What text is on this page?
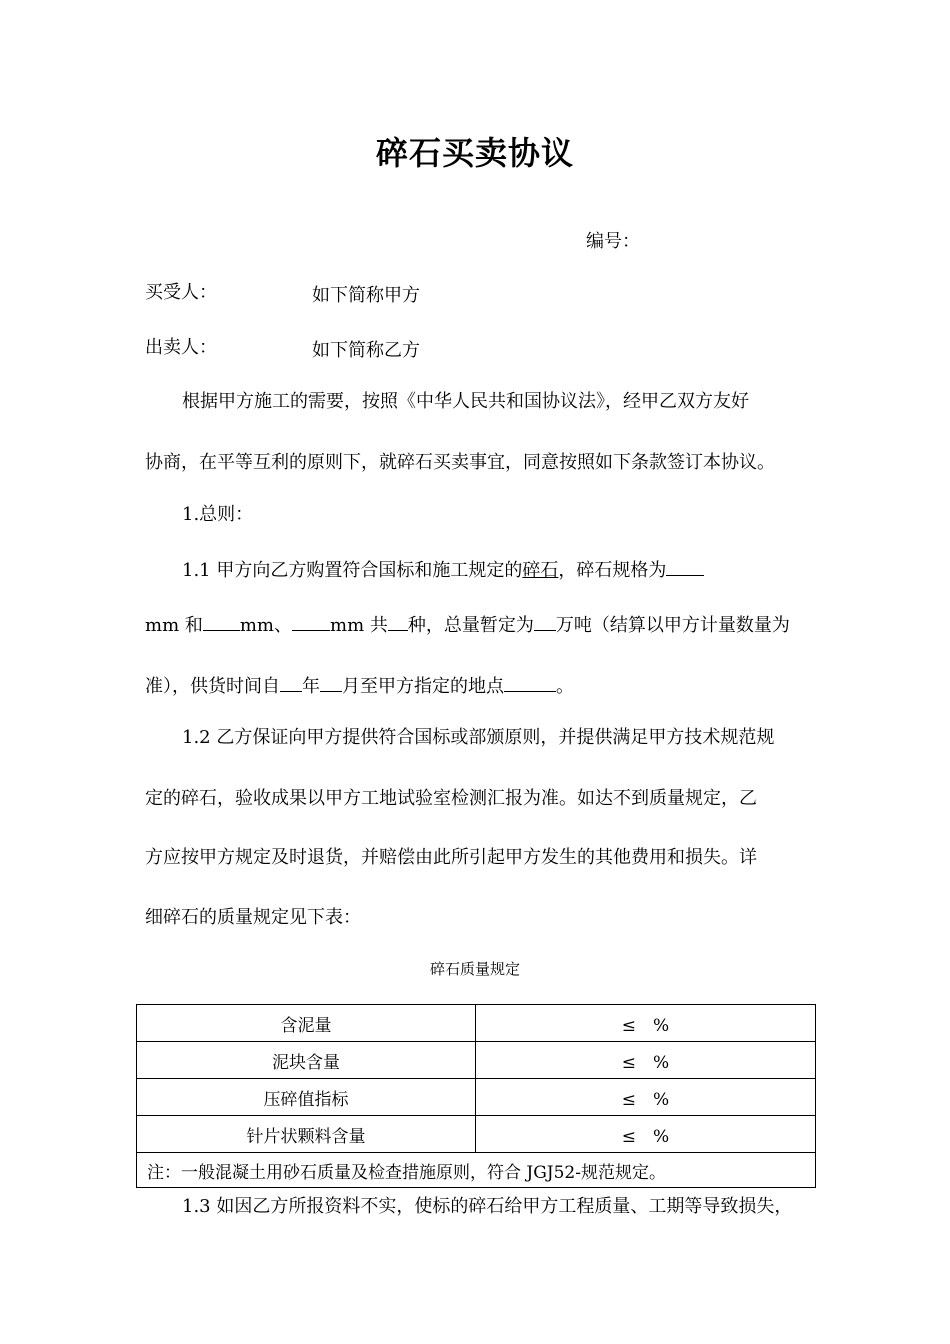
碎石买卖协议
编号：
买受人：	如下简称甲方
出卖人：	如下简称乙方
根据甲方施工的需要，按照《中华人民共和国协议法》，经甲乙双方友好
协商，在平等互利的原则下，就碎石买卖事宜，同意按照如下条款签订本协议。
1.总则：
1.1 甲方向乙方购置符合国标和施工规定的碎石，碎石规格为
mm 和 mm、 mm 共 种，总量暂定为 万吨（结算以甲方计量数量为
准），供货时间自 年 月至甲方指定的地点	。
1.2 乙方保证向甲方提供符合国标或部颁原则，并提供满足甲方技术规范规
定的碎石，验收成果以甲方工地试验室检测汇报为准。如达不到质量规定，乙
方应按甲方规定及时退货，并赔偿由此所引起甲方发生的其他费用和损失。详
细碎石的质量规定见下表：
碎石质量规定
含泥量	≤　%
泥块含量	≤　%
压碎值指标	≤　%
针片状颗料含量	≤　%
注：一般混凝土用砂石质量及检查措施原则，符合 JGJ52-规范规定。	
1.3 如因乙方所报资料不实，使标的碎石给甲方工程质量、工期等导致损失，
